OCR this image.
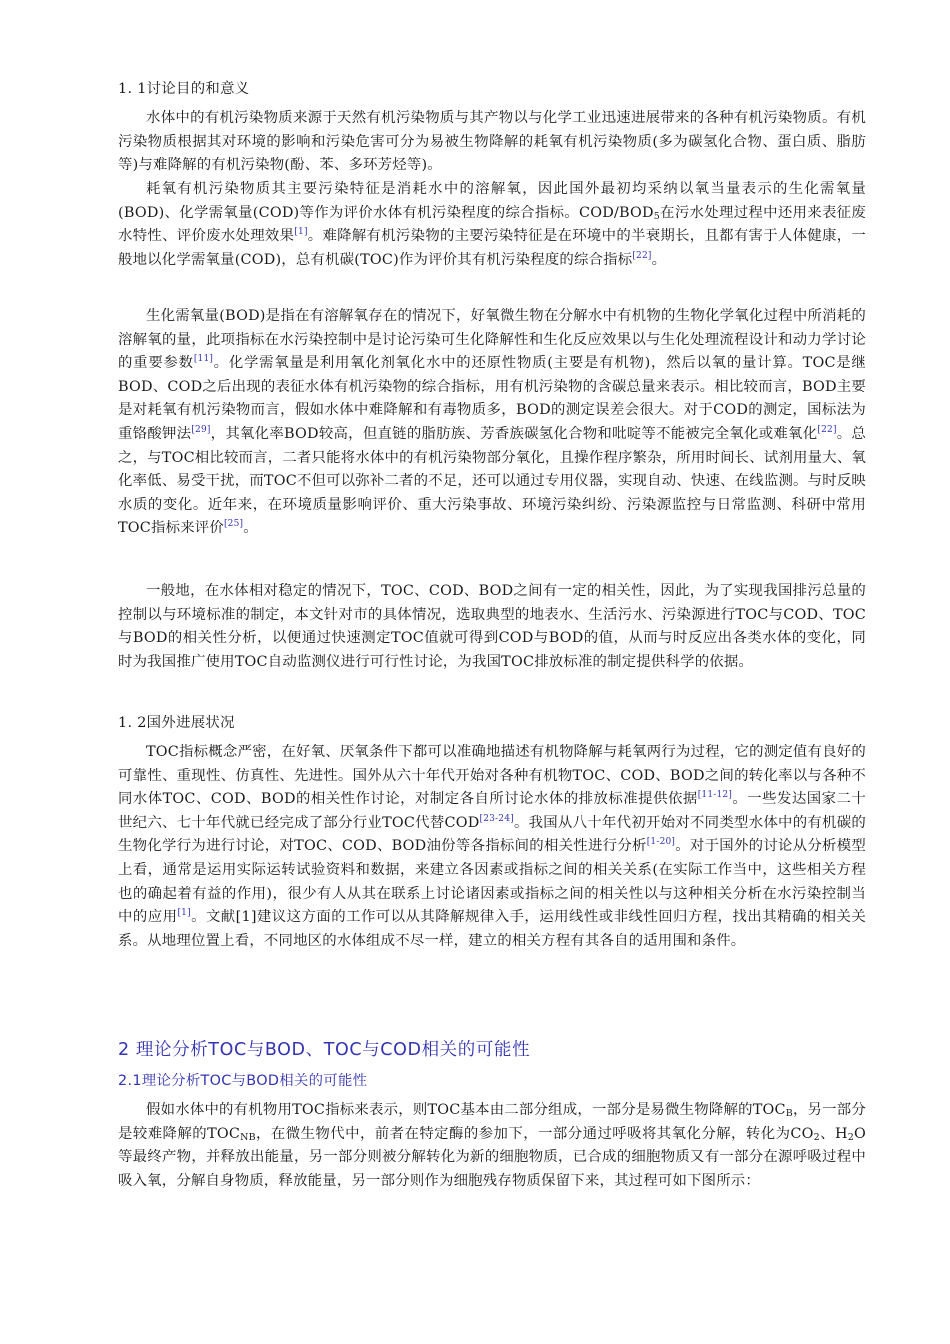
1. 1讨论目的和意义

水体中的有机污染物质来源于天然有机污染物质与其产物以与化学工业迅速进展带来的各种有机污染物质。有机污染物质根据其对环境的影响和污染危害可分为易被生物降解的耗氧有机污染物质(多为碳氢化合物、蛋白质、脂肪等)与难降解的有机污染物(酚、苯、多环芳烃等)。

耗氧有机污染物质其主要污染特征是消耗水中的溶解氧，因此国外最初均采纳以氧当量表示的生化需氧量(BOD)、化学需氧量(COD)等作为评价水体有机污染程度的综合指标。COD/$BOD_5$在污水处理过程中还用来表征废水特性、评价废水处理效果[1]。难降解有机污染物的主要污染特征是在环境中的半衰期长，且都有害于人体健康，一般地以化学需氧量(COD)，总有机碳(TOC)作为评价其有机污染程度的综合指标[22]。

生化需氧量(BOD)是指在有溶解氧存在的情况下，好氧微生物在分解水中有机物的生物化学氧化过程中所消耗的溶解氧的量，此项指标在水污染控制中是讨论污染可生化降解性和生化反应效果以与生化处理流程设计和动力学讨论的重要参数[11]。化学需氧量是利用氧化剂氧化水中的还原性物质(主要是有机物)，然后以氧的量计算。TOC是继BOD、COD之后出现的表征水体有机污染物的综合指标，用有机污染物的含碳总量来表示。相比较而言，BOD主要是对耗氧有机污染物而言，假如水体中难降解和有毒物质多，BOD的测定误差会很大。对于COD的测定，国标法为重铬酸钾法[29]，其氧化率BOD较高，但直链的脂肪族、芳香族碳氢化合物和吡啶等不能被完全氧化或难氧化[22]。总之，与TOC相比较而言，二者只能将水体中的有机污染物部分氧化，且操作程序繁杂，所用时间长、试剂用量大、氧化率低、易受干扰，而TOC不但可以弥补二者的不足，还可以通过专用仪器，实现自动、快速、在线监测。与时反映水质的变化。近年来，在环境质量影响评价、重大污染事故、环境污染纠纷、污染源监控与日常监测、科研中常用TOC指标来评价[25]。

一般地，在水体相对稳定的情况下，TOC、COD、BOD之间有一定的相关性，因此，为了实现我国排污总量的控制以与环境标准的制定，本文针对市的具体情况，选取典型的地表水、生活污水、污染源进行TOC与COD、TOC与BOD的相关性分析，以便通过快速测定TOC值就可得到COD与BOD的值，从而与时反应出各类水体的变化，同时为我国推广使用TOC自动监测仪进行可行性讨论，为我国TOC排放标准的制定提供科学的依据。

1. 2国外进展状况

TOC指标概念严密，在好氧、厌氧条件下都可以准确地描述有机物降解与耗氧两行为过程，它的测定值有良好的可靠性、重现性、仿真性、先进性。国外从六十年代开始对各种有机物TOC、COD、BOD之间的转化率以与各种不同水体TOC、COD、BOD的相关性作讨论，对制定各自所讨论水体的排放标准提供依据[11-12]。一些发达国家二十世纪六、七十年代就已经完成了部分行业TOC代替COD[23-24]。我国从八十年代初开始对不同类型水体中的有机碳的生物化学行为进行讨论，对TOC、COD、BOD油份等各指标间的相关性进行分析[1-20]。对于国外的讨论从分析模型上看，通常是运用实际运转试验资料和数据，来建立各因素或指标之间的相关关系(在实际工作当中，这些相关方程也的确起着有益的作用)，很少有人从其在联系上讨论诸因素或指标之间的相关性以与这种相关分析在水污染控制当中的应用[1]。文献[1]建议这方面的工作可以从其降解规律入手，运用线性或非线性回归方程，找出其精确的相关关系。从地理位置上看，不同地区的水体组成不尽一样，建立的相关方程有其各自的适用围和条件。

2 理论分析TOC与BOD、TOC与COD相关的可能性
2.1理论分析TOC与BOD相关的可能性

假如水体中的有机物用TOC指标来表示，则TOC基本由二部分组成，一部分是易微生物降解的$TOC_B$，另一部分是较难降解的$TOC_{NB}$，在微生物代中，前者在特定酶的参加下，一部分通过呼吸将其氧化分解，转化为$CO_2$、$H_2O$等最终产物，并释放出能量，另一部分则被分解转化为新的细胞物质，已合成的细胞物质又有一部分在源呼吸过程中吸入氧，分解自身物质，释放能量，另一部分则作为细胞残存物质保留下来，其过程可如下图所示：
